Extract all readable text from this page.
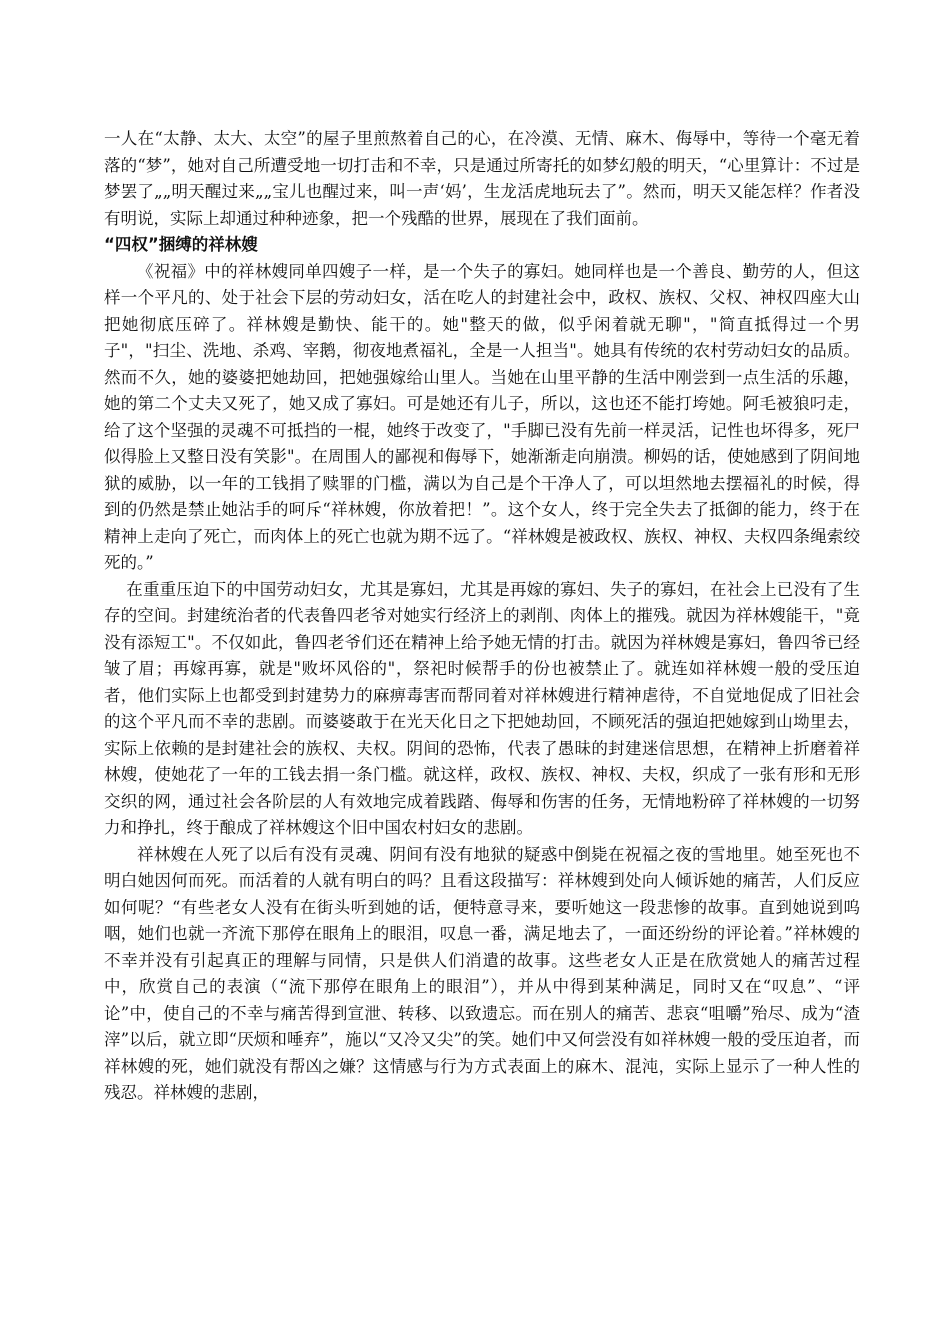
一人在“太静、太大、太空”的屋子里煎熬着自己的心，在冷漠、无情、麻木、侮辱中，等待一个毫无着落的“梦”，她对自己所遭受地一切打击和不幸，只是通过所寄托的如梦幻般的明天，“心里算计：不过是梦罢了„„明天醒过来„„宝儿也醒过来，叫一声‘妈’，生龙活虎地玩去了”。然而，明天又能怎样？作者没有明说，实际上却通过种种迹象，把一个残酷的世界，展现在了我们面前。

“四权”捆缚的祥林嫂

《祝福》中的祥林嫂同单四嫂子一样，是一个失子的寡妇。她同样也是一个善良、勤劳的人，但这样一个平凡的、处于社会下层的劳动妇女，活在吃人的封建社会中，政权、族权、父权、神权四座大山把她彻底压碎了。祥林嫂是勤快、能干的。她"整天的做，似乎闲着就无聊"，"简直抵得过一个男子"，"扫尘、洗地、杀鸡、宰鹅，彻夜地煮福礼，全是一人担当"。她具有传统的农村劳动妇女的品质。然而不久，她的婆婆把她劫回，把她强嫁给山里人。当她在山里平静的生活中刚尝到一点生活的乐趣，她的第二个丈夫又死了，她又成了寡妇。可是她还有儿子，所以，这也还不能打垮她。阿毛被狼叼走，给了这个坚强的灵魂不可抵挡的一棍，她终于改变了，"手脚已没有先前一样灵活，记性也坏得多，死尸似得脸上又整日没有笑影"。在周围人的鄙视和侮辱下，她渐渐走向崩溃。柳妈的话，使她感到了阴间地狱的威胁，以一年的工钱捐了赎罪的门槛，满以为自己是个干净人了，可以坦然地去摆福礼的时候，得到的仍然是禁止她沾手的呵斥“祥林嫂，你放着把！”。这个女人，终于完全失去了抵御的能力，终于在精神上走向了死亡，而肉体上的死亡也就为期不远了。“祥林嫂是被政权、族权、神权、夫权四条绳索绞死的。”

在重重压迫下的中国劳动妇女，尤其是寡妇，尤其是再嫁的寡妇、失子的寡妇，在社会上已没有了生存的空间。封建统治者的代表鲁四老爷对她实行经济上的剥削、肉体上的摧残。就因为祥林嫂能干，"竟没有添短工"。不仅如此，鲁四老爷们还在精神上给予她无情的打击。就因为祥林嫂是寡妇，鲁四爷已经皱了眉；再嫁再寡，就是"败坏风俗的"，祭祀时候帮手的份也被禁止了。就连如祥林嫂一般的受压迫者，他们实际上也都受到封建势力的麻痹毒害而帮同着对祥林嫂进行精神虐待，不自觉地促成了旧社会的这个平凡而不幸的悲剧。而婆婆敢于在光天化日之下把她劫回，不顾死活的强迫把她嫁到山坳里去，实际上依赖的是封建社会的族权、夫权。阴间的恐怖，代表了愚昧的封建迷信思想，在精神上折磨着祥林嫂，使她花了一年的工钱去捐一条门槛。就这样，政权、族权、神权、夫权，织成了一张有形和无形交织的网，通过社会各阶层的人有效地完成着践踏、侮辱和伤害的任务，无情地粉碎了祥林嫂的一切努力和挣扎，终于酿成了祥林嫂这个旧中国农村妇女的悲剧。

祥林嫂在人死了以后有没有灵魂、阴间有没有地狱的疑惑中倒毙在祝福之夜的雪地里。她至死也不明白她因何而死。而活着的人就有明白的吗？且看这段描写：祥林嫂到处向人倾诉她的痛苦，人们反应如何呢？“有些老女人没有在街头听到她的话，便特意寻来，要听她这一段悲惨的故事。直到她说到呜咽，她们也就一齐流下那停在眼角上的眼泪，叹息一番，满足地去了，一面还纷纷的评论着。”祥林嫂的不幸并没有引起真正的理解与同情，只是供人们消遣的故事。这些老女人正是在欣赏她人的痛苦过程中，欣赏自己的表演（“流下那停在眼角上的眼泪”），并从中得到某种满足，同时又在“叹息”、“评论”中，使自己的不幸与痛苦得到宣泄、转移、以致遗忘。而在别人的痛苦、悲哀“咀嚼”殆尽、成为“渣滓”以后，就立即“厌烦和唾弃”，施以“又冷又尖”的笑。她们中又何尝没有如祥林嫂一般的受压迫者，而祥林嫂的死，她们就没有帮凶之嫌？这情感与行为方式表面上的麻木、混沌，实际上显示了一种人性的残忍。祥林嫂的悲剧，
